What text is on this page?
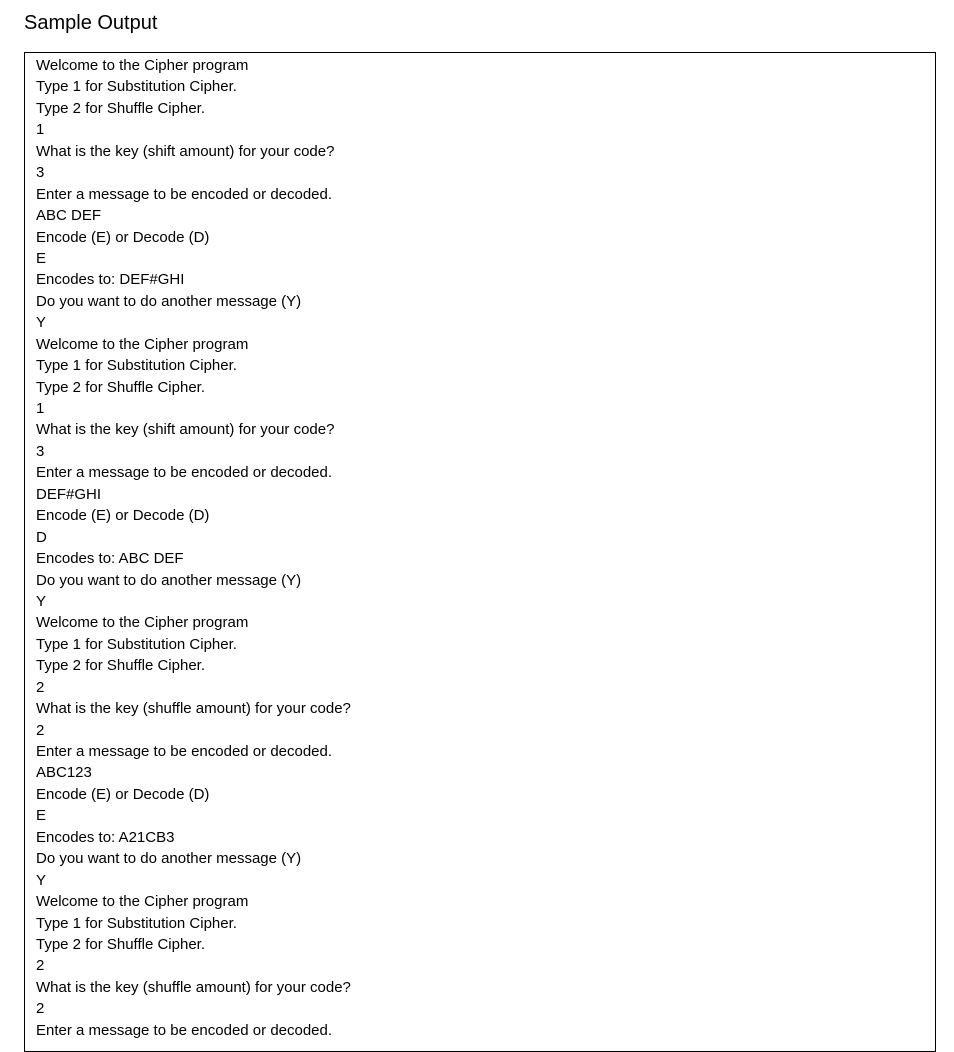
Sample Output
Welcome to the Cipher program
Type 1 for Substitution Cipher.
Type 2 for Shuffle Cipher.
1
What is the key (shift amount) for your code?
3
Enter a message to be encoded or decoded.
ABC DEF
Encode (E) or Decode (D)
E
Encodes to: DEF#GHI
Do you want to do another message (Y)
Y
Welcome to the Cipher program
Type 1 for Substitution Cipher.
Type 2 for Shuffle Cipher.
1
What is the key (shift amount) for your code?
3
Enter a message to be encoded or decoded.
DEF#GHI
Encode (E) or Decode (D)
D
Encodes to: ABC DEF
Do you want to do another message (Y)
Y
Welcome to the Cipher program
Type 1 for Substitution Cipher.
Type 2 for Shuffle Cipher.
2
What is the key (shuffle amount) for your code?
2
Enter a message to be encoded or decoded.
ABC123
Encode (E) or Decode (D)
E
Encodes to: A21CB3
Do you want to do another message (Y)
Y
Welcome to the Cipher program
Type 1 for Substitution Cipher.
Type 2 for Shuffle Cipher.
2
What is the key (shuffle amount) for your code?
2
Enter a message to be encoded or decoded.
